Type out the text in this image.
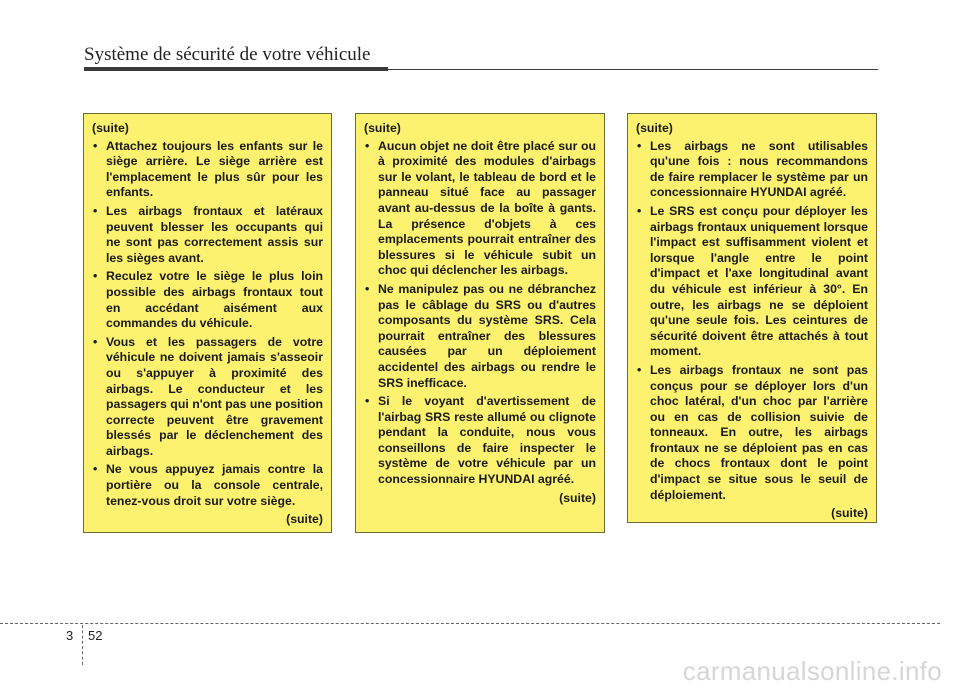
Système de sécurité de votre véhicule
(suite)
• Attachez toujours les enfants sur le siège arrière. Le siège arrière est l'emplacement le plus sûr pour les enfants.
• Les airbags frontaux et latéraux peuvent blesser les occupants qui ne sont pas correctement assis sur les sièges avant.
• Reculez votre le siège le plus loin possible des airbags frontaux tout en accédant aisément aux commandes du véhicule.
• Vous et les passagers de votre véhicule ne doivent jamais s'asseoir ou s'appuyer à proximité des airbags. Le conducteur et les passagers qui n'ont pas une position correcte peuvent être gravement blessés par le déclenchement des airbags.
• Ne vous appuyez jamais contre la portière ou la console centrale, tenez-vous droit sur votre siège.
(suite)
(suite)
• Aucun objet ne doit être placé sur ou à proximité des modules d'airbags sur le volant, le tableau de bord et le panneau situé face au passager avant au-dessus de la boîte à gants. La présence d'objets à ces emplacements pourrait entraîner des blessures si le véhicule subit un choc qui déclencher les airbags.
• Ne manipulez pas ou ne débranchez pas le câblage du SRS ou d'autres composants du système SRS. Cela pourrait entraîner des blessures causées par un déploiement accidentel des airbags ou rendre le SRS inefficace.
• Si le voyant d'avertissement de l'airbag SRS reste allumé ou clignote pendant la conduite, nous vous conseillons de faire inspecter le système de votre véhicule par un concessionnaire HYUNDAI agréé.
(suite)
(suite)
• Les airbags ne sont utilisables qu'une fois : nous recommandons de faire remplacer le système par un concessionnaire HYUNDAI agréé.
• Le SRS est conçu pour déployer les airbags frontaux uniquement lorsque l'impact est suffisamment violent et lorsque l'angle entre le point d'impact et l'axe longitudinal avant du véhicule est inférieur à 30°. En outre, les airbags ne se déploient qu'une seule fois. Les ceintures de sécurité doivent être attachés à tout moment.
• Les airbags frontaux ne sont pas conçus pour se déployer lors d'un choc latéral, d'un choc par l'arrière ou en cas de collision suivie de tonneaux. En outre, les airbags frontaux ne se déploient pas en cas de chocs frontaux dont le point d'impact se situe sous le seuil de déploiement.
(suite)
3 52
carmanualsonline.info
